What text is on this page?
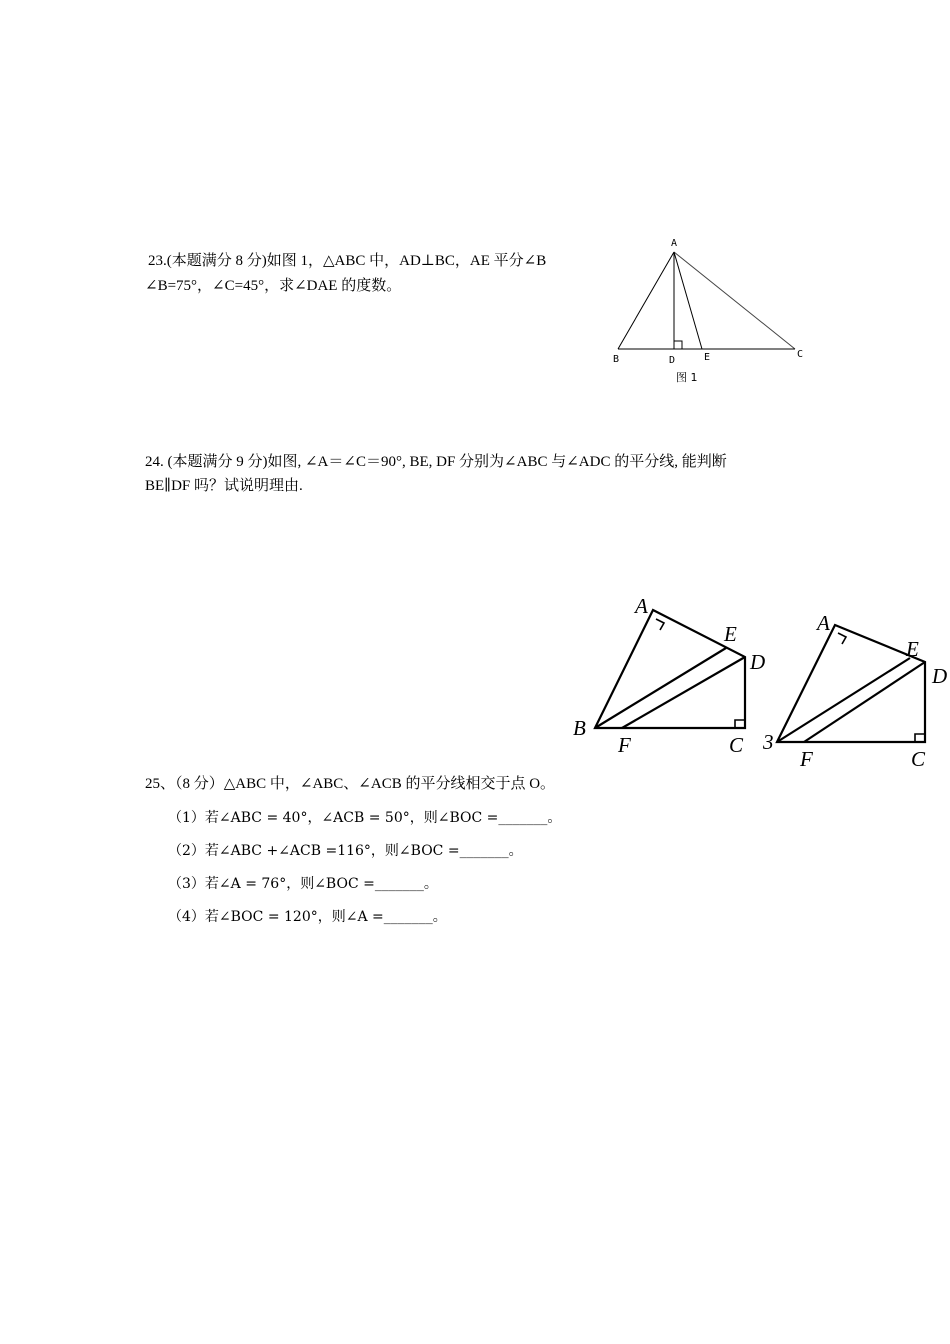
23.(本题满分 8 分)如图 1，△ABC 中，AD⊥BC，AE 平分∠B
∠B=75°，∠C=45°，求∠DAE 的度数。
A
B	D	E	C
图 1
24. (本题满分 9 分)如图, ∠A＝∠C＝90°, BE, DF 分别为∠ABC 与∠ADC 的平分线, 能判断
BE∥DF 吗？试说明理由.
A
E
D
B
F	C
A
E
D
3
F	C
25、（8 分）△ABC 中，∠ABC、∠ACB 的平分线相交于点 O。
（1）若∠ABC = 40°，∠ACB = 50°，则∠BOC =_______。
（2）若∠ABC +∠ACB =116°，则∠BOC =_______。
（3）若∠A = 76°，则∠BOC =_______。
（4）若∠BOC = 120°，则∠A =_______。
